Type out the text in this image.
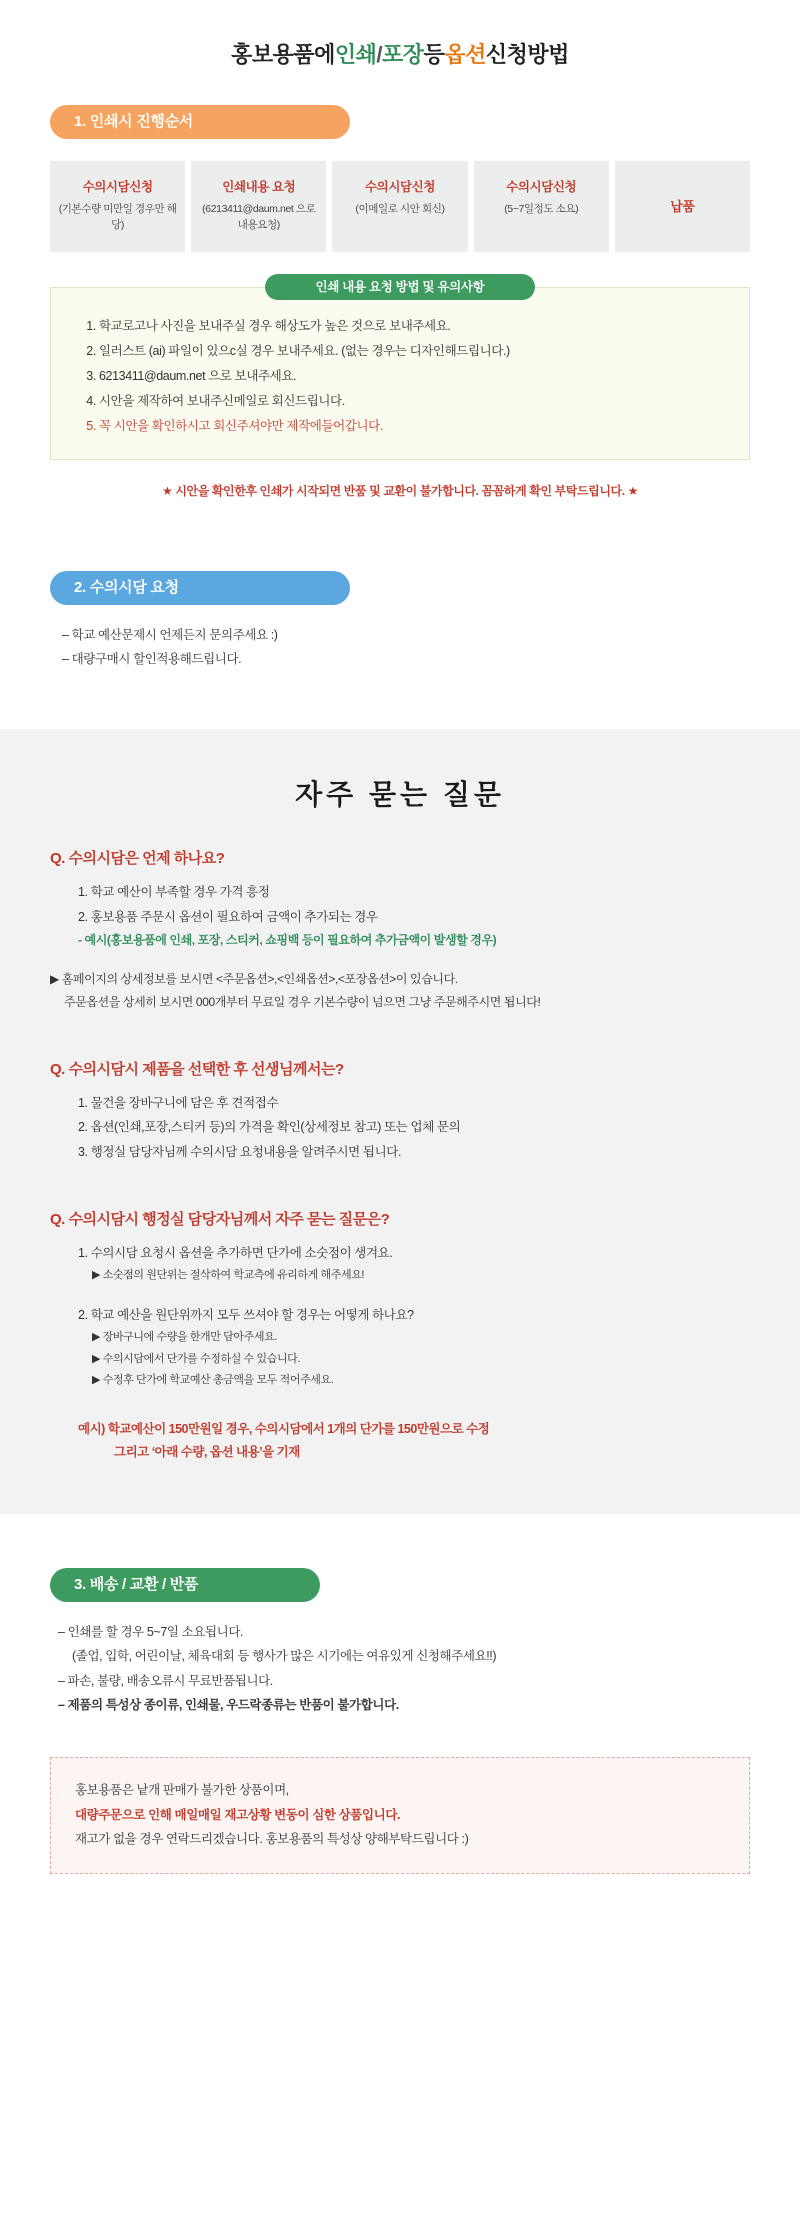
홍보용품에인쇄/포장등옵션신청방법
1. 인쇄시 진행순서
수의시담신청
(기본수량 미만일 경우만 해당)
인쇄내용 요청
(6213411@daum.net 으로 내용요청)
수의시담신청
(이메일로 시안 회신)
수의시담신청
(5~7일정도 소요)	납품
인쇄 내용 요청 방법 및 유의사항
1. 학교로고나 사진을 보내주실 경우 해상도가 높은 것으로 보내주세요.
2. 일러스트 (ai) 파일이 있으с실 경우 보내주세요. (없는 경우는 디자인해드립니다.)
3. 6213411@daum.net 으로 보내주세요.
4. 시안을 제작하여 보내주신메일로 회신드립니다.
5. 꼭 시안을 확인하시고 회신주셔야만 제작에들어갑니다.
★ 시안을 확인한후 인쇄가 시작되면 반품 및 교환이 불가합니다. 꼼꼼하게 확인 부탁드립니다. ★
2. 수의시담 요청
– 학교 예산문제시 언제든지 문의주세요 :)
– 대량구매시 할인적용해드립니다.
자주 묻는 질문
Q. 수의시담은 언제 하나요?
1. 학교 예산이 부족할 경우 가격 흥정
2. 홍보용품 주문시 옵션이 필요하여 금액이 추가되는 경우
- 예시(홍보용품에 인쇄, 포장, 스티커, 쇼핑백 등이 필요하여 추가금액이 발생할 경우)
▶ 홈페이지의 상세정보를 보시면 <주문옵션>,<인쇄옵션>,<포장옵션>이 있습니다.
주문옵션을 상세히 보시면 000개부터 무료일 경우 기본수량이 넘으면 그냥 주문해주시면 됩니다!
Q. 수의시담시 제품을 선택한 후 선생님께서는?
1. 물건을 장바구니에 담은 후 견적접수
2. 옵션(인쇄,포장,스티커 등)의 가격을 확인(상세정보 참고) 또는 업체 문의
3. 행정실 담당자님께 수의시담 요청내용을 알려주시면 됩니다.
Q. 수의시담시 행정실 담당자님께서 자주 묻는 질문은?
1. 수의시담 요청시 옵션을 추가하면 단가에 소숫점이 생겨요.
▶ 소숫점의 원단위는 절삭하여 학교측에 유리하게 해주세요!
2. 학교 예산을 원단위까지 모두 쓰셔야 할 경우는 어떻게 하나요?
▶ 장바구니에 수량을 한개만 담아주세요.
▶ 수의시담에서 단가를 수정하실 수 있습니다.
▶ 수정후 단가에 학교예산 총금액을 모두 적어주세요.
예시) 학교예산이 150만원일 경우, 수의시담에서 1개의 단가를 150만원으로 수정
그리고 ‘아래 수량, 옵션 내용’을 기재
3. 배송 / 교환 / 반품
– 인쇄를 할 경우 5~7일 소요됩니다.
(졸업, 입학, 어린이날, 체육대회 등 행사가 많은 시기에는 여유있게 신청해주세요!!)
– 파손, 불량, 배송오류시 무료반품됩니다.
– 제품의 특성상 종이류, 인쇄물, 우드락종류는 반품이 불가합니다.
홍보용품은 낱개 판매가 불가한 상품이며,
대량주문으로 인해 매일매일 재고상황 변동이 심한 상품입니다.
재고가 없을 경우 연락드리겠습니다. 홍보용품의 특성상 양해부탁드립니다 :)
